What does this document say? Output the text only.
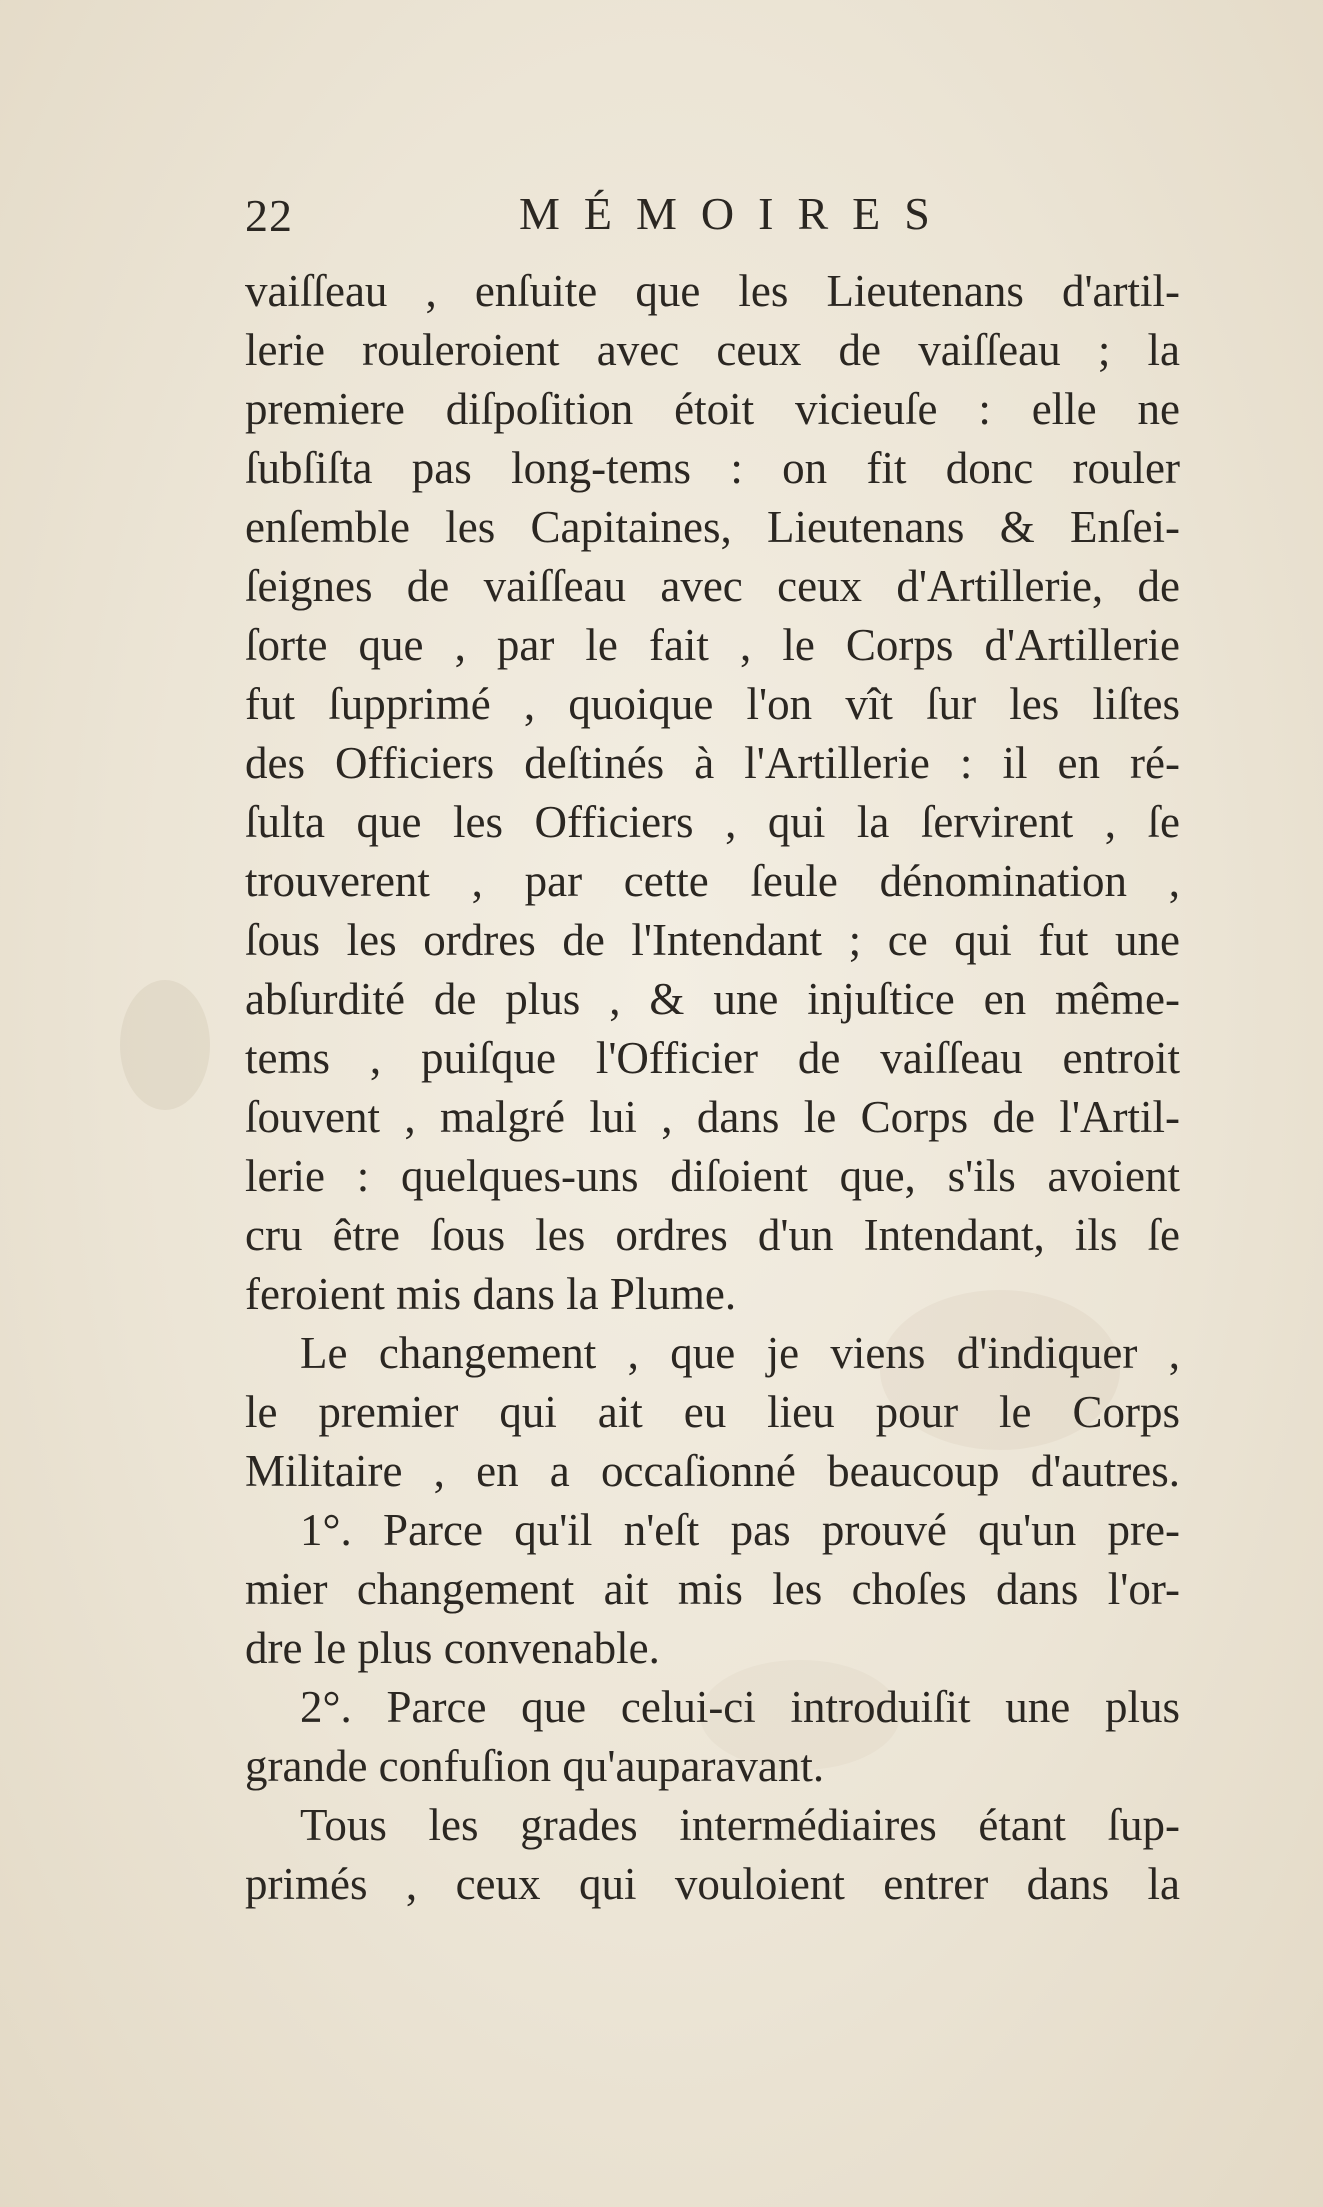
22	MÉMOIRES
vaiſſeau , enſuite que les Lieutenans d'artil-
lerie rouleroient avec ceux de vaiſſeau ; la
premiere diſpoſition étoit vicieuſe : elle ne
ſubſiſta pas long-tems : on fit donc rouler
enſemble les Capitaines, Lieutenans & Enſei-
ſeignes de vaiſſeau avec ceux d'Artillerie, de
ſorte que , par le fait , le Corps d'Artillerie
fut ſupprimé , quoique l'on vît ſur les liſtes
des Officiers deſtinés à l'Artillerie : il en ré-
ſulta que les Officiers , qui la ſervirent , ſe
trouverent , par cette ſeule dénomination ,
ſous les ordres de l'Intendant ; ce qui fut une
abſurdité de plus , & une injuſtice en même-
tems , puiſque l'Officier de vaiſſeau entroit
ſouvent , malgré lui , dans le Corps de l'Artil-
lerie : quelques-uns diſoient que, s'ils avoient
cru être ſous les ordres d'un Intendant, ils ſe
feroient mis dans la Plume.
Le changement , que je viens d'indiquer ,
le premier qui ait eu lieu pour le Corps
Militaire , en a occaſionné beaucoup d'autres.
1°. Parce qu'il n'eſt pas prouvé qu'un pre-
mier changement ait mis les choſes dans l'or-
dre le plus convenable.
2°. Parce que celui-ci introduiſit une plus
grande confuſion qu'auparavant.
Tous les grades intermédiaires étant ſup-
primés , ceux qui vouloient entrer dans la
